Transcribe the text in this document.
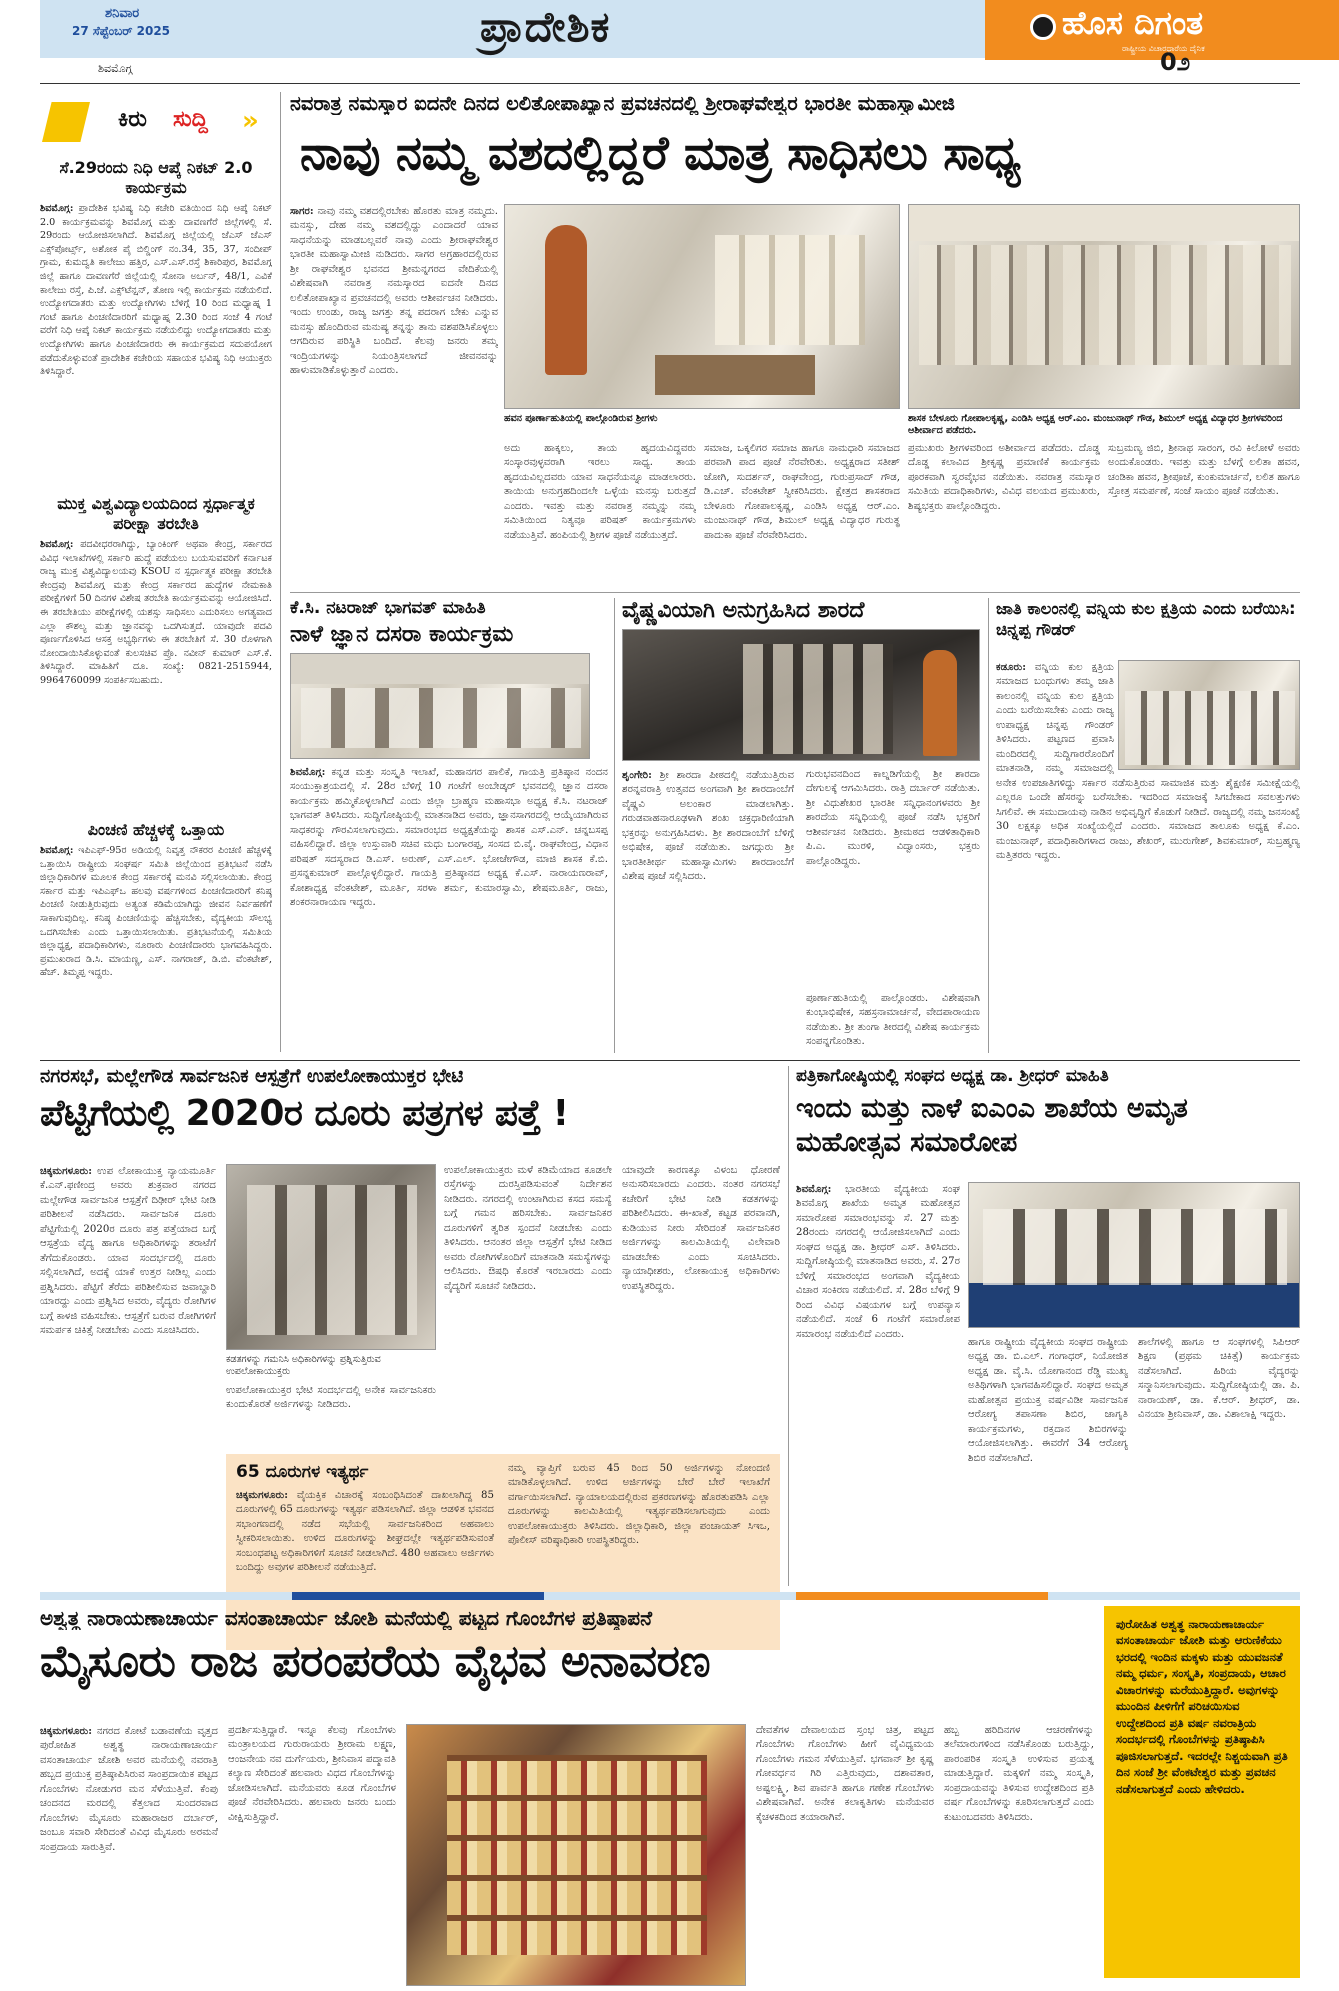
ಶನಿವಾರ
27 ಸೆಪ್ಟೆಂಬರ್ 2025
ಶಿವಮೊಗ್ಗ
ಪ್ರಾದೇಶಿಕ	ಹೊಸ ದಿಗಂತ
ರಾಷ್ಟ್ರೀಯ ವಿಚಾರಧಾರೆಯ ದೈನಿಕ
0೨
ಕಿರು ಸುದ್ದಿ »
ಸೆ.29ರಂದು ನಿಧಿ ಆಪ್ಕೆ ನಿಕಟ್ 2.0 ಕಾರ್ಯಕ್ರಮ
ಶಿವಮೊಗ್ಗ: ಪ್ರಾದೇಶಿಕ ಭವಿಷ್ಯ ನಿಧಿ ಕಚೇರಿ ವತಿಯಿಂದ ನಿಧಿ ಆಪ್ಕೆ ನಿಕಟ್ 2.0 ಕಾರ್ಯಕ್ರಮವನ್ನು ಶಿವಮೊಗ್ಗ ಮತ್ತು ದಾವಣಗೆರೆ ಜಿಲ್ಲೆಗಳಲ್ಲಿ ಸೆ. 29ರಂದು ಆಯೋಜಿಸಲಾಗಿದೆ. ಶಿವಮೊಗ್ಗ ಜಿಲ್ಲೆಯಲ್ಲಿ ಜೆಎಸ್ ಜೆಎಸ್ ಎಕ್ಸ್‌ಪೋರ್ಟ್ಸ್, ಅಶೋಕ ಪೈ ಬಿಲ್ಡಿಂಗ್ ನಂ.34, 35, 37, ಸಂದೀಪ್ ಗ್ರಾಮ, ಕುಮದ್ವತಿ ಕಾಲೇಜು ಹತ್ತಿರ, ಎಸ್.ಎಸ್.ರಸ್ತೆ ಶಿಕಾರಿಪುರ, ಶಿವಮೊಗ್ಗ ಜಿಲ್ಲೆ ಹಾಗೂ ದಾವಣಗೆರೆ ಜಿಲ್ಲೆಯಲ್ಲಿ ಸೋನಾ ಅರ್ಬನ್, 48/1, ಎವಿಕೆ ಕಾಲೇಜು ರಸ್ತೆ, ಪಿ.ಜೆ. ಎಕ್ಸ್‌ಟೆನ್ಷನ್, ತೋಣ ಇಲ್ಲಿ ಕಾರ್ಯಕ್ರಮ ನಡೆಯಲಿದೆ. ಉದ್ಯೋಗದಾತರು ಮತ್ತು ಉದ್ಯೋಗಿಗಳು ಬೆಳಿಗ್ಗೆ 10 ರಿಂದ ಮಧ್ಯಾಹ್ನ 1 ಗಂಟೆ ಹಾಗೂ ಪಿಂಚಣಿದಾರರಿಗೆ ಮಧ್ಯಾಹ್ನ 2.30 ರಿಂದ ಸಂಜೆ 4 ಗಂಟೆ ವರೆಗೆ ನಿಧಿ ಆಪ್ಕೆ ನಿಕಟ್ ಕಾರ್ಯಕ್ರಮ ನಡೆಯಲಿದ್ದು ಉದ್ಯೋಗದಾತರು ಮತ್ತು ಉದ್ಯೋಗಿಗಳು ಹಾಗೂ ಪಿಂಚಣಿದಾರರು ಈ ಕಾರ್ಯಕ್ರಮದ ಸದುಪಯೋಗ ಪಡೆದುಕೊಳ್ಳುವಂತೆ ಪ್ರಾದೇಶಿಕ ಕಚೇರಿಯ ಸಹಾಯಕ ಭವಿಷ್ಯ ನಿಧಿ ಆಯುಕ್ತರು ತಿಳಿಸಿದ್ದಾರೆ.
ಮುಕ್ತ ವಿಶ್ವವಿದ್ಯಾಲಯದಿಂದ ಸ್ಪರ್ಧಾತ್ಮಕ ಪರೀಕ್ಷಾ ತರಬೇತಿ
ಶಿವಮೊಗ್ಗ: ಪದವೀಧರರಾಗಿದ್ದು, ಬ್ಯಾಂಕಿಂಗ್ ಅಥವಾ ಕೇಂದ್ರ, ಸರ್ಕಾರದ ವಿವಿಧ ಇಲಾಖೆಗಳಲ್ಲಿ ಸರ್ಕಾರಿ ಹುದ್ದೆ ಪಡೆಯಲು ಬಯಸುವವರಿಗೆ ಕರ್ನಾಟಕ ರಾಜ್ಯ ಮುಕ್ತ ವಿಶ್ವವಿದ್ಯಾಲಯವು KSOU ನ ಸ್ಪರ್ಧಾತ್ಮಕ ಪರೀಕ್ಷಾ ತರಬೇತಿ ಕೇಂದ್ರವು ಶಿವಮೊಗ್ಗ ಮತ್ತು ಕೇಂದ್ರ ಸರ್ಕಾರದ ಹುದ್ದೆಗಳ ನೇಮಕಾತಿ ಪರೀಕ್ಷೆಗಳಿಗೆ 50 ದಿನಗಳ ವಿಶೇಷ ತರಬೇತಿ ಕಾರ್ಯಕ್ರಮವನ್ನು ಆಯೋಜಿಸಿದೆ. ಈ ತರಬೇತಿಯು ಪರೀಕ್ಷೆಗಳಲ್ಲಿ ಯಶಸ್ಸು ಸಾಧಿಸಲು ಎದುರಿಸಲು ಅಗತ್ಯವಾದ ಎಲ್ಲಾ ಕೌಶಲ್ಯ ಮತ್ತು ಜ್ಞಾನವನ್ನು ಒದಗಿಸುತ್ತದೆ. ಯಾವುದೇ ಪದವಿ ಪೂರ್ಣಗೊಳಿಸಿದ ಆಸಕ್ತ ಅಭ್ಯರ್ಥಿಗಳು ಈ ತರಬೇತಿಗೆ ಸೆ. 30 ರೊಳಗಾಗಿ ನೋಂದಾಯಿಸಿಕೊಳ್ಳುವಂತೆ ಕುಲಸಚಿವ ಪ್ರೊ. ನವೀನ್ ಕುಮಾರ್ ಎಸ್.ಕೆ. ತಿಳಿಸಿದ್ದಾರೆ. ಮಾಹಿತಿಗೆ ದೂ. ಸಂಖ್ಯೆ: 0821-2515944, 9964760099 ಸಂಪರ್ಕಿಸಬಹುದು.
ಪಿಂಚಣಿ ಹೆಚ್ಚಳಕ್ಕೆ ಒತ್ತಾಯ
ಶಿವಮೊಗ್ಗ: ಇಪಿಎಫ್-95ರ ಅಡಿಯಲ್ಲಿ ನಿವೃತ್ತ ನೌಕರರ ಪಿಂಚಣಿ ಹೆಚ್ಚಳಕ್ಕೆ ಒತ್ತಾಯಿಸಿ ರಾಷ್ಟ್ರೀಯ ಸಂಘರ್ಷ ಸಮಿತಿ ಜಿಲ್ಲೆಯಿಂದ ಪ್ರತಿಭಟನೆ ನಡೆಸಿ ಜಿಲ್ಲಾಧಿಕಾರಿಗಳ ಮೂಲಕ ಕೇಂದ್ರ ಸರ್ಕಾರಕ್ಕೆ ಮನವಿ ಸಲ್ಲಿಸಲಾಯಿತು. ಕೇಂದ್ರ ಸರ್ಕಾರ ಮತ್ತು ಇಪಿಎಫ್‌ಒ ಹಲವು ವರ್ಷಗಳಿಂದ ಪಿಂಚಣಿದಾರರಿಗೆ ಕನಿಷ್ಠ ಪಿಂಚಣಿ ನೀಡುತ್ತಿರುವುದು ಅತ್ಯಂತ ಕಡಿಮೆಯಾಗಿದ್ದು ಜೀವನ ನಿರ್ವಹಣೆಗೆ ಸಾಕಾಗುವುದಿಲ್ಲ. ಕನಿಷ್ಠ ಪಿಂಚಣಿಯನ್ನು ಹೆಚ್ಚಿಸಬೇಕು, ವೈದ್ಯಕೀಯ ಸೌಲಭ್ಯ ಒದಗಿಸಬೇಕು ಎಂದು ಒತ್ತಾಯಿಸಲಾಯಿತು. ಪ್ರತಿಭಟನೆಯಲ್ಲಿ ಸಮಿತಿಯ ಜಿಲ್ಲಾಧ್ಯಕ್ಷ, ಪದಾಧಿಕಾರಿಗಳು, ನೂರಾರು ಪಿಂಚಣಿದಾರರು ಭಾಗವಹಿಸಿದ್ದರು. ಪ್ರಮುಖರಾದ ಡಿ.ಸಿ. ಮಾಯಣ್ಣ, ಎಸ್. ನಾಗರಾಜ್, ಡಿ.ಬಿ. ವೆಂಕಟೇಶ್, ಹೆಚ್. ತಿಮ್ಮಪ್ಪ ಇದ್ದರು.
ನವರಾತ್ರ ನಮಸ್ಕಾರ ಐದನೇ ದಿನದ ಲಲಿತೋಪಾಖ್ಯಾನ ಪ್ರವಚನದಲ್ಲಿ ಶ್ರೀರಾಘವೇಶ್ವರ ಭಾರತೀ ಮಹಾಸ್ವಾಮೀಜಿ
ನಾವು ನಮ್ಮ ವಶದಲ್ಲಿದ್ದರೆ ಮಾತ್ರ ಸಾಧಿಸಲು ಸಾಧ್ಯ
ಸಾಗರ: ನಾವು ನಮ್ಮ ವಶದಲ್ಲಿರಬೇಕು ಹೊರತು ಮಾತ್ರ ನಮ್ಮದು. ಮನಸ್ಸು, ದೇಹ ನಮ್ಮ ವಶದಲ್ಲಿದ್ದು ಎಂದಾದರೆ ಯಾವ ಸಾಧನೆಯನ್ನು ಮಾಡಬಲ್ಲವರೆ ನಾವು ಎಂದು ಶ್ರೀರಾಘವೇಶ್ವರ ಭಾರತೀ ಮಹಾಸ್ವಾಮೀಜಿ ನುಡಿದರು. ಸಾಗರ ಅಗ್ರಹಾರದಲ್ಲಿರುವ ಶ್ರೀ ರಾಘವೇಶ್ವರ ಭವನದ ಶ್ರೀಮನ್ನಗರದ ವೇದಿಕೆಯಲ್ಲಿ ವಿಶೇಷವಾಗಿ ನವರಾತ್ರ ನಮಸ್ಕಾರದ ಐದನೇ ದಿನದ ಲಲಿತೋಪಾಖ್ಯಾನ ಪ್ರವಚನದಲ್ಲಿ ಅವರು ಆಶೀರ್ವಚನ ನೀಡಿದರು. ಇಂದು ಉಂಡು, ರಾಜ್ಯ ಜಗತ್ತು ತನ್ನ ಪದರಾಗ ಬೇಕು ಎನ್ನುವ ಮನಸ್ಸು ಹೊಂದಿರುವ ಮನುಷ್ಯ ತನ್ನನ್ನು ತಾನು ವಶಪಡಿಸಿಕೊಳ್ಳಲು ಆಗದಿರುವ ಪರಿಸ್ಥಿತಿ ಬಂದಿದೆ. ಕೆಲವು ಜನರು ತಮ್ಮ ಇಂದ್ರಿಯಗಳನ್ನು ನಿಯಂತ್ರಿಸಲಾಗದೆ ಜೀವನವನ್ನು ಹಾಳುಮಾಡಿಕೊಳ್ಳುತ್ತಾರೆ ಎಂದರು.
ಹವನ ಪೂರ್ಣಾಹುತಿಯಲ್ಲಿ ಪಾಲ್ಗೊಂಡಿರುವ ಶ್ರೀಗಳು	ಶಾಸಕ ಬೇಳೂರು ಗೋಪಾಲಕೃಷ್ಣ, ಎಂಡಿಸಿ ಅಧ್ಯಕ್ಷ ಆರ್.ಎಂ. ಮಂಜುನಾಥ್ ಗೌಡ, ಶಿಮುಲ್ ಅಧ್ಯಕ್ಷ ವಿದ್ಯಾಧರ ಶ್ರೀಗಳವರಿಂದ ಆಶೀರ್ವಾದ ಪಡೆದರು.
ಅದು ಹಾಕ್ಕಲು, ತಾಯ ಹೃದಯವಿದ್ದವರು ಸಂಸ್ಕಾರವುಳ್ಳವರಾಗಿ ಇರಲು ಸಾಧ್ಯ. ತಾಯ ಹೃದಯವಿಲ್ಲದವರು ಯಾವ ಸಾಧನೆಯನ್ನೂ ಮಾಡಲಾರರು. ತಾಯಿಯ ಅನುಗ್ರಹದಿಂದಲೇ ಒಳ್ಳೆಯ ಮನಸ್ಸು ಬರುತ್ತದೆ ಎಂದರು. ಇವತ್ತು ಮತ್ತು ನವರಾತ್ರ ನಮ್ಮನ್ನು ನಮ್ಮ ಸಮಿತಿಯಿಂದ ನಿತ್ಯವೂ ಪರಿಷತ್ ಕಾರ್ಯಕ್ರಮಗಳು ನಡೆಯುತ್ತಿವೆ. ಹಂಪಿಯಲ್ಲಿ ಶ್ರೀಗಳ ಪೂಜೆ ನಡೆಯುತ್ತದೆ.
ಸಮಾಜ, ಒಕ್ಕಲಿಗರ ಸಮಾಜ ಹಾಗೂ ನಾಮಧಾರಿ ಸಮಾಜದ ಪರವಾಗಿ ಪಾದ ಪೂಜೆ ನೆರವೇರಿತು. ಅಧ್ಯಕ್ಷರಾದ ಸತೀಶ್ ಜೋಗಿ, ಸುದರ್ಶನ್, ರಾಘವೇಂದ್ರ, ಗುರುಪ್ರಸಾದ್ ಗೌಡ, ಡಿ.ಎಚ್. ವೆಂಕಟೇಶ್ ಸ್ವೀಕರಿಸಿದರು. ಕ್ಷೇತ್ರದ ಶಾಸಕರಾದ ಬೇಳೂರು ಗೋಪಾಲಕೃಷ್ಣ, ಎಂಡಿಸಿ ಅಧ್ಯಕ್ಷ ಆರ್.ಎಂ. ಮಂಜುನಾಥ್ ಗೌಡ, ಶಿಮುಲ್ ಅಧ್ಯಕ್ಷ ವಿದ್ಯಾಧರ ಗುರುತ್ಥ ಪಾದುಕಾ ಪೂಜೆ ನೆರವೇರಿಸಿದರು.
ಪ್ರಮುಖರು ಶ್ರೀಗಳವರಿಂದ ಅಶೀರ್ವಾದ ಪಡೆದರು. ದೊಡ್ಡ ದೊಡ್ಡ ಕಲಾವಿದ ಶ್ರೀಕೃಷ್ಣ ಪ್ರಮಾಣಿಕೆ ಕಾರ್ಯಕ್ರಮ ಪೂರಕವಾಗಿ ಸ್ವರವೈಭವ ನಡೆಯಿತು. ನವರಾತ್ರ ನಮಸ್ಕಾರ ಸಮಿತಿಯ ಪದಾಧಿಕಾರಿಗಳು, ವಿವಿಧ ವಲಯದ ಪ್ರಮುಖರು, ಶಿಷ್ಯಭಕ್ತರು ಪಾಲ್ಗೊಂಡಿದ್ದರು.
ಸುಬ್ರಮಣ್ಯ ಜಿಬಿ, ಶ್ರೀನಾಥ ಸಾರಂಗ, ರವಿ ಕಿಲೋಳೆ ಅವರು ಅಂದುಕೊಂಡರು. ಇವತ್ತು ಮತ್ತು ಬೆಳಗ್ಗೆ ಲಲಿತಾ ಹವನ, ಚಂಡಿಕಾ ಹವನ, ಶ್ರೀಪೂಜೆ, ಕುಂಕುಮಾರ್ಚನೆ, ಲಲಿತ ಹಾಗೂ ಸ್ತೋತ್ರ ಸಮರ್ಪಣೆ, ಸಂಜೆ ಸಾಯಂ ಪೂಜೆ ನಡೆಯಿತು.
ಕೆ.ಸಿ. ನಟರಾಜ್ ಭಾಗವತ್ ಮಾಹಿತಿ
ನಾಳೆ ಜ್ಞಾನ ದಸರಾ ಕಾರ್ಯಕ್ರಮ
ಶಿವಮೊಗ್ಗ: ಕನ್ನಡ ಮತ್ತು ಸಂಸ್ಕೃತಿ ಇಲಾಖೆ, ಮಹಾನಗರ ಪಾಲಿಕೆ, ಗಾಯತ್ರಿ ಪ್ರತಿಷ್ಠಾನ ನಂದನ ಸಂಯುಕ್ತಾಶ್ರಯದಲ್ಲಿ ಸೆ. 28ರ ಬೆಳಿಗ್ಗೆ 10 ಗಂಟೆಗೆ ಅಂಬೇಡ್ಕರ್ ಭವನದಲ್ಲಿ ಜ್ಞಾನ ದಸರಾ ಕಾರ್ಯಕ್ರಮ ಹಮ್ಮಿಕೊಳ್ಳಲಾಗಿದೆ ಎಂದು ಜಿಲ್ಲಾ ಬ್ರಾಹ್ಮಣ ಮಹಾಸಭಾ ಅಧ್ಯಕ್ಷ ಕೆ.ಸಿ. ನಟರಾಜ್ ಭಾಗವತ್ ತಿಳಿಸಿದರು. ಸುದ್ದಿಗೋಷ್ಠಿಯಲ್ಲಿ ಮಾತನಾಡಿದ ಅವರು, ಜ್ಞಾನಸಾಗರದಲ್ಲಿ ಆಯ್ಕೆಯಾಗಿರುವ ಸಾಧಕರನ್ನು ಗೌರವಿಸಲಾಗುವುದು. ಸಮಾರಂಭದ ಅಧ್ಯಕ್ಷತೆಯನ್ನು ಶಾಸಕ ಎಸ್.ಎನ್. ಚನ್ನಬಸಪ್ಪ ವಹಿಸಲಿದ್ದಾರೆ. ಜಿಲ್ಲಾ ಉಸ್ತುವಾರಿ ಸಚಿವ ಮಧು ಬಂಗಾರಪ್ಪ, ಸಂಸದ ಬಿ.ವೈ. ರಾಘವೇಂದ್ರ, ವಿಧಾನ ಪರಿಷತ್ ಸದಸ್ಯರಾದ ಡಿ.ಎಸ್. ಅರುಣ್, ಎಸ್.ಎಲ್. ಭೋಜೇಗೌಡ, ಮಾಜಿ ಶಾಸಕ ಕೆ.ಬಿ. ಪ್ರಸನ್ನಕುಮಾರ್ ಪಾಲ್ಗೊಳ್ಳಲಿದ್ದಾರೆ. ಗಾಯತ್ರಿ ಪ್ರತಿಷ್ಠಾನದ ಅಧ್ಯಕ್ಷ ಕೆ.ಎಸ್. ನಾರಾಯಣರಾವ್, ಕೋಶಾಧ್ಯಕ್ಷ ವೆಂಕಟೇಶ್, ಮೂರ್ತಿ, ಸರಳಾ ಶರ್ಮ, ಕುಮಾರಸ್ವಾಮಿ, ಶೇಷಮೂರ್ತಿ, ರಾಜು, ಶಂಕರನಾರಾಯಣ ಇದ್ದರು.
ವೈಷ್ಣವಿಯಾಗಿ ಅನುಗ್ರಹಿಸಿದ ಶಾರದೆ
ಶೃಂಗೇರಿ: ಶ್ರೀ ಶಾರದಾ ಪೀಠದಲ್ಲಿ ನಡೆಯುತ್ತಿರುವ ಶರನ್ನವರಾತ್ರಿ ಉತ್ಸವದ ಅಂಗವಾಗಿ ಶ್ರೀ ಶಾರದಾಂಬೆಗೆ ವೈಷ್ಣವಿ ಅಲಂಕಾರ ಮಾಡಲಾಗಿತ್ತು. ಗರುಡವಾಹನಾರೂಢಳಾಗಿ ಶಂಖ ಚಕ್ರಧಾರಿಣಿಯಾಗಿ ಭಕ್ತರನ್ನು ಅನುಗ್ರಹಿಸಿದಳು. ಶ್ರೀ ಶಾರದಾಂಬೆಗೆ ಬೆಳಿಗ್ಗೆ ಅಭಿಷೇಕ, ಪೂಜೆ ನಡೆಯಿತು. ಜಗದ್ಗುರು ಶ್ರೀ ಭಾರತೀತೀರ್ಥ ಮಹಾಸ್ವಾಮಿಗಳು ಶಾರದಾಂಬೆಗೆ ವಿಶೇಷ ಪೂಜೆ ಸಲ್ಲಿಸಿದರು.
ಗುರುಭವನದಿಂದ ಕಾಲ್ನಡಿಗೆಯಲ್ಲಿ ಶ್ರೀ ಶಾರದಾ ದೇಗುಲಕ್ಕೆ ಆಗಮಿಸಿದರು. ರಾತ್ರಿ ದರ್ಬಾರ್ ನಡೆಯಿತು. ಶ್ರೀ ವಿಧುಶೇಖರ ಭಾರತೀ ಸನ್ನಿಧಾನಂಗಳವರು ಶ್ರೀ ಶಾರದೆಯ ಸನ್ನಿಧಿಯಲ್ಲಿ ಪೂಜೆ ನಡೆಸಿ ಭಕ್ತರಿಗೆ ಆಶೀರ್ವಚನ ನೀಡಿದರು. ಶ್ರೀಮಠದ ಆಡಳಿತಾಧಿಕಾರಿ ಪಿ.ಎ. ಮುರಳಿ, ವಿದ್ವಾಂಸರು, ಭಕ್ತರು ಪಾಲ್ಗೊಂಡಿದ್ದರು.
ಪೂರ್ಣಾಹುತಿಯಲ್ಲಿ ಪಾಲ್ಗೊಂಡರು. ವಿಶೇಷವಾಗಿ ಕುಂಭಾಭಿಷೇಕ, ಸಹಸ್ರನಾಮಾರ್ಚನೆ, ವೇದಪಾರಾಯಣ ನಡೆಯಿತು. ಶ್ರೀ ತುಂಗಾ ತೀರದಲ್ಲಿ ವಿಶೇಷ ಕಾರ್ಯಕ್ರಮ ಸಂಪನ್ನಗೊಂಡಿತು.
ಜಾತಿ ಕಾಲಂನಲ್ಲಿ ವನ್ನಿಯ ಕುಲ ಕ್ಷತ್ರಿಯ ಎಂದು ಬರೆಯಿಸಿ: ಚಿನ್ನಪ್ಪ ಗೌಡರ್
ಕಡೂರು: ವನ್ನಿಯ ಕುಲ ಕ್ಷತ್ರಿಯ ಸಮಾಜದ ಬಂಧುಗಳು ತಮ್ಮ ಜಾತಿ ಕಾಲಂನಲ್ಲಿ ವನ್ನಿಯ ಕುಲ ಕ್ಷತ್ರಿಯ ಎಂದು ಬರೆಯಿಸಬೇಕು ಎಂದು ರಾಜ್ಯ ಉಪಾಧ್ಯಕ್ಷ ಚಿನ್ನಪ್ಪ ಗೌಂಡರ್ ತಿಳಿಸಿದರು. ಪಟ್ಟಣದ ಪ್ರವಾಸಿ ಮಂದಿರದಲ್ಲಿ ಸುದ್ದಿಗಾರರೊಂದಿಗೆ ಮಾತನಾಡಿ, ನಮ್ಮ ಸಮಾಜದಲ್ಲಿ ಅನೇಕ ಉಪಜಾತಿಗಳಿದ್ದು ಸರ್ಕಾರ ನಡೆಸುತ್ತಿರುವ ಸಾಮಾಜಿಕ ಮತ್ತು ಶೈಕ್ಷಣಿಕ ಸಮೀಕ್ಷೆಯಲ್ಲಿ ಎಲ್ಲರೂ ಒಂದೇ ಹೆಸರನ್ನು ಬರೆಸಬೇಕು. ಇದರಿಂದ ಸಮಾಜಕ್ಕೆ ಸಿಗಬೇಕಾದ ಸವಲತ್ತುಗಳು ಸಿಗಲಿವೆ. ಈ ಸಮುದಾಯವು ನಾಡಿನ ಅಭಿವೃದ್ಧಿಗೆ ಕೊಡುಗೆ ನೀಡಿದೆ. ರಾಜ್ಯದಲ್ಲಿ ನಮ್ಮ ಜನಸಂಖ್ಯೆ 30 ಲಕ್ಷಕ್ಕೂ ಅಧಿಕ ಸಂಖ್ಯೆಯಲ್ಲಿದೆ ಎಂದರು. ಸಮಾಜದ ತಾಲೂಕು ಅಧ್ಯಕ್ಷ ಕೆ.ಎಂ. ಮಂಜುನಾಥ್, ಪದಾಧಿಕಾರಿಗಳಾದ ರಾಜು, ಶೇಖರ್, ಮುರುಗೇಶ್, ಶಿವಕುಮಾರ್, ಸುಬ್ರಹ್ಮಣ್ಯ ಮತ್ತಿತರರು ಇದ್ದರು.
ನಗರಸಭೆ, ಮಲ್ಲೇಗೌಡ ಸಾರ್ವಜನಿಕ ಆಸ್ಪತ್ರೆಗೆ ಉಪಲೋಕಾಯುಕ್ತರ ಭೇಟಿ
ಪೆಟ್ಟಿಗೆಯಲ್ಲಿ 2020ರ ದೂರು ಪತ್ರಗಳ ಪತ್ತೆ !
ಚಿಕ್ಕಮಗಳೂರು: ಉಪ ಲೋಕಾಯುಕ್ತ ನ್ಯಾಯಮೂರ್ತಿ ಕೆ.ಎನ್.ಫಣೀಂದ್ರ ಅವರು ಶುಕ್ರವಾರ ನಗರದ ಮಲ್ಲೇಗೌಡ ಸಾರ್ವಜನಿಕ ಆಸ್ಪತ್ರೆಗೆ ದಿಢೀರ್ ಭೇಟಿ ನೀಡಿ ಪರಿಶೀಲನೆ ನಡೆಸಿದರು. ಸಾರ್ವಜನಿಕ ದೂರು ಪೆಟ್ಟಿಗೆಯಲ್ಲಿ 2020ರ ದೂರು ಪತ್ರ ಪತ್ತೆಯಾದ ಬಗ್ಗೆ ಆಸ್ಪತ್ರೆಯ ವೈದ್ಯ ಹಾಗೂ ಅಧಿಕಾರಿಗಳನ್ನು ತರಾಟೆಗೆ ತೆಗೆದುಕೊಂಡರು. ಯಾವ ಸಂದರ್ಭದಲ್ಲಿ ದೂರು ಸಲ್ಲಿಸಲಾಗಿದೆ, ಅದಕ್ಕೆ ಯಾಕೆ ಉತ್ತರ ನೀಡಿಲ್ಲ ಎಂದು ಪ್ರಶ್ನಿಸಿದರು. ಪೆಟ್ಟಿಗೆ ತೆರೆದು ಪರಿಶೀಲಿಸುವ ಜವಾಬ್ದಾರಿ ಯಾರದ್ದು ಎಂದು ಪ್ರಶ್ನಿಸಿದ ಅವರು, ವೈದ್ಯರು ರೋಗಿಗಳ ಬಗ್ಗೆ ಕಾಳಜಿ ವಹಿಸಬೇಕು. ಆಸ್ಪತ್ರೆಗೆ ಬರುವ ರೋಗಿಗಳಿಗೆ ಸಮರ್ಪಕ ಚಿಕಿತ್ಸೆ ನೀಡಬೇಕು ಎಂದು ಸೂಚಿಸಿದರು.
ಕಡತಗಳನ್ನು ಗಮನಿಸಿ ಅಧಿಕಾರಿಗಳನ್ನು ಪ್ರಶ್ನಿಸುತ್ತಿರುವ ಉಪಲೋಕಾಯುಕ್ತರು
ಉಪಲೋಕಾಯುಕ್ತರ ಭೇಟಿ ಸಂದರ್ಭದಲ್ಲಿ ಅನೇಕ ಸಾರ್ವಜನಿಕರು ಕುಂದುಕೊರತೆ ಅರ್ಜಿಗಳನ್ನು ನೀಡಿದರು.
ಉಪಲೋಕಾಯುಕ್ತರು ಮಳೆ ಕಡಿಮೆಯಾದ ಕೂಡಲೇ ರಸ್ತೆಗಳನ್ನು ದುರಸ್ತಿಪಡಿಸುವಂತೆ ನಿರ್ದೇಶನ ನೀಡಿದರು. ನಗರದಲ್ಲಿ ಉಂಟಾಗಿರುವ ಕಸದ ಸಮಸ್ಯೆ ಬಗ್ಗೆ ಗಮನ ಹರಿಸಬೇಕು. ಸಾರ್ವಜನಿಕರ ದೂರುಗಳಿಗೆ ತ್ವರಿತ ಸ್ಪಂದನೆ ನೀಡಬೇಕು ಎಂದು ತಿಳಿಸಿದರು. ಆನಂತರ ಜಿಲ್ಲಾ ಆಸ್ಪತ್ರೆಗೆ ಭೇಟಿ ನೀಡಿದ ಅವರು ರೋಗಿಗಳೊಂದಿಗೆ ಮಾತನಾಡಿ ಸಮಸ್ಯೆಗಳನ್ನು ಆಲಿಸಿದರು. ಔಷಧಿ ಕೊರತೆ ಇರಬಾರದು ಎಂದು ವೈದ್ಯರಿಗೆ ಸೂಚನೆ ನೀಡಿದರು.
ಯಾವುದೇ ಕಾರಣಕ್ಕೂ ವಿಳಂಬ ಧೋರಣೆ ಅನುಸರಿಸಬಾರದು ಎಂದರು. ನಂತರ ನಗರಸಭೆ ಕಚೇರಿಗೆ ಭೇಟಿ ನೀಡಿ ಕಡತಗಳನ್ನು ಪರಿಶೀಲಿಸಿದರು. ಈ-ಖಾತೆ, ಕಟ್ಟಡ ಪರವಾನಗಿ, ಕುಡಿಯುವ ನೀರು ಸೇರಿದಂತೆ ಸಾರ್ವಜನಿಕರ ಅರ್ಜಿಗಳನ್ನು ಕಾಲಮಿತಿಯಲ್ಲಿ ವಿಲೇವಾರಿ ಮಾಡಬೇಕು ಎಂದು ಸೂಚಿಸಿದರು. ನ್ಯಾಯಾಧೀಶರು, ಲೋಕಾಯುಕ್ತ ಅಧಿಕಾರಿಗಳು ಉಪಸ್ಥಿತರಿದ್ದರು.
65 ದೂರುಗಳ ಇತ್ಯರ್ಥ
ಚಿಕ್ಕಮಗಳೂರು: ವೈಯಕ್ತಿಕ ವಿಚಾರಕ್ಕೆ ಸಂಬಂಧಿಸಿದಂತೆ ದಾಖಲಾಗಿದ್ದ 85 ದೂರುಗಳಲ್ಲಿ 65 ದೂರುಗಳನ್ನು ಇತ್ಯರ್ಥ ಪಡಿಸಲಾಗಿದೆ. ಜಿಲ್ಲಾ ಆಡಳಿತ ಭವನದ ಸಭಾಂಗಣದಲ್ಲಿ ನಡೆದ ಸಭೆಯಲ್ಲಿ ಸಾರ್ವಜನಿಕರಿಂದ ಅಹವಾಲು ಸ್ವೀಕರಿಸಲಾಯಿತು. ಉಳಿದ ದೂರುಗಳನ್ನು ಶೀಘ್ರದಲ್ಲೇ ಇತ್ಯರ್ಥಪಡಿಸುವಂತೆ ಸಂಬಂಧಪಟ್ಟ ಅಧಿಕಾರಿಗಳಿಗೆ ಸೂಚನೆ ನೀಡಲಾಗಿದೆ. 480 ಅಹವಾಲು ಅರ್ಜಿಗಳು ಬಂದಿದ್ದು ಅವುಗಳ ಪರಿಶೀಲನೆ ನಡೆಯುತ್ತಿದೆ.
ನಮ್ಮ ವ್ಯಾಪ್ತಿಗೆ ಬರುವ 45 ರಿಂದ 50 ಅರ್ಜಿಗಳನ್ನು ನೋಂದಣಿ ಮಾಡಿಕೊಳ್ಳಲಾಗಿದೆ. ಉಳಿದ ಅರ್ಜಿಗಳನ್ನು ಬೇರೆ ಬೇರೆ ಇಲಾಖೆಗೆ ವರ್ಗಾಯಿಸಲಾಗಿದೆ. ನ್ಯಾಯಾಲಯದಲ್ಲಿರುವ ಪ್ರಕರಣಗಳನ್ನು ಹೊರತುಪಡಿಸಿ ಎಲ್ಲಾ ದೂರುಗಳನ್ನು ಕಾಲಮಿತಿಯಲ್ಲಿ ಇತ್ಯರ್ಥಪಡಿಸಲಾಗುವುದು ಎಂದು ಉಪಲೋಕಾಯುಕ್ತರು ತಿಳಿಸಿದರು. ಜಿಲ್ಲಾಧಿಕಾರಿ, ಜಿಲ್ಲಾ ಪಂಚಾಯತ್ ಸಿಇಒ, ಪೊಲೀಸ್ ವರಿಷ್ಠಾಧಿಕಾರಿ ಉಪಸ್ಥಿತರಿದ್ದರು.
ಪತ್ರಿಕಾಗೋಷ್ಠಿಯಲ್ಲಿ ಸಂಘದ ಅಧ್ಯಕ್ಷ ಡಾ. ಶ್ರೀಧರ್ ಮಾಹಿತಿ
ಇಂದು ಮತ್ತು ನಾಳೆ ಐಎಂಎ ಶಾಖೆಯ ಅಮೃತ ಮಹೋತ್ಸವ ಸಮಾರೋಪ
ಶಿವಮೊಗ್ಗ: ಭಾರತೀಯ ವೈದ್ಯಕೀಯ ಸಂಘ ಶಿವಮೊಗ್ಗ ಶಾಖೆಯ ಅಮೃತ ಮಹೋತ್ಸವ ಸಮಾರೋಪ ಸಮಾರಂಭವನ್ನು ಸೆ. 27 ಮತ್ತು 28ರಂದು ನಗರದಲ್ಲಿ ಆಯೋಜಿಸಲಾಗಿದೆ ಎಂದು ಸಂಘದ ಅಧ್ಯಕ್ಷ ಡಾ. ಶ್ರೀಧರ್ ಎಸ್. ತಿಳಿಸಿದರು. ಸುದ್ದಿಗೋಷ್ಠಿಯಲ್ಲಿ ಮಾತನಾಡಿದ ಅವರು, ಸೆ. 27ರ ಬೆಳಿಗ್ಗೆ ಸಮಾರಂಭದ ಅಂಗವಾಗಿ ವೈದ್ಯಕೀಯ ವಿಚಾರ ಸಂಕಿರಣ ನಡೆಯಲಿದೆ. ಸೆ. 28ರ ಬೆಳಿಗ್ಗೆ 9 ರಿಂದ ವಿವಿಧ ವಿಷಯಗಳ ಬಗ್ಗೆ ಉಪನ್ಯಾಸ ನಡೆಯಲಿದೆ. ಸಂಜೆ 6 ಗಂಟೆಗೆ ಸಮಾರೋಪ ಸಮಾರಂಭ ನಡೆಯಲಿದೆ ಎಂದರು.
ಹಾಗೂ ರಾಷ್ಟ್ರೀಯ ವೈದ್ಯಕೀಯ ಸಂಘದ ರಾಷ್ಟ್ರೀಯ ಅಧ್ಯಕ್ಷ ಡಾ. ಬಿ.ಎಲ್. ಗಂಗಾಧರ್, ನಿಯೋಜಿತ ಅಧ್ಯಕ್ಷ ಡಾ. ವೈ.ಸಿ. ಯೋಗಾನಂದ ರೆಡ್ಡಿ ಮುಖ್ಯ ಅತಿಥಿಗಳಾಗಿ ಭಾಗವಹಿಸಲಿದ್ದಾರೆ. ಸಂಘದ ಅಮೃತ ಮಹೋತ್ಸವ ಪ್ರಯುಕ್ತ ವರ್ಷವಿಡೀ ಸಾರ್ವಜನಿಕ ಆರೋಗ್ಯ ತಪಾಸಣಾ ಶಿಬಿರ, ಜಾಗೃತಿ ಕಾರ್ಯಕ್ರಮಗಳು, ರಕ್ತದಾನ ಶಿಬಿರಗಳನ್ನು ಆಯೋಜಿಸಲಾಗಿತ್ತು. ಈವರೆಗೆ 34 ಆರೋಗ್ಯ ಶಿಬಿರ ನಡೆಸಲಾಗಿದೆ.
ಶಾಲೆಗಳಲ್ಲಿ ಹಾಗೂ ಆ ಸಂಘಗಳಲ್ಲಿ ಸಿಪಿಆರ್ ಶಿಕ್ಷಣ (ಪ್ರಥಮ ಚಿಕಿತ್ಸೆ) ಕಾರ್ಯಕ್ರಮ ನಡೆಸಲಾಗಿದೆ. ಹಿರಿಯ ವೈದ್ಯರನ್ನು ಸನ್ಮಾನಿಸಲಾಗುವುದು. ಸುದ್ದಿಗೋಷ್ಠಿಯಲ್ಲಿ ಡಾ. ಪಿ. ನಾರಾಯಣ್, ಡಾ. ಕೆ.ಆರ್. ಶ್ರೀಧರ್, ಡಾ. ವಿನಯಾ ಶ್ರೀನಿವಾಸ್, ಡಾ. ವಿಶಾಲಾಕ್ಷಿ ಇದ್ದರು.
ಅಶ್ವತ್ಥ ನಾರಾಯಣಾಚಾರ್ಯ ವಸಂತಾಚಾರ್ಯ ಜೋಶಿ ಮನೆಯಲ್ಲಿ ಪಟ್ಟದ ಗೊಂಬೆಗಳ ಪ್ರತಿಷ್ಠಾಪನೆ
ಮೈಸೂರು ರಾಜ ಪರಂಪರೆಯ ವೈಭವ ಅನಾವರಣ
ಚಿಕ್ಕಮಗಳೂರು: ನಗರದ ಕೋಟೆ ಬಡಾವಣೆಯ ವೃತ್ತದ ಪುರೋಹಿತ ಅಶ್ವತ್ಥ ನಾರಾಯಣಾಚಾರ್ಯ ವಸಂತಾಚಾರ್ಯ ಜೋಶಿ ಅವರ ಮನೆಯಲ್ಲಿ ನವರಾತ್ರಿ ಹಬ್ಬದ ಪ್ರಯುಕ್ತ ಪ್ರತಿಷ್ಠಾಪಿಸಿರುವ ಸಾಂಪ್ರದಾಯಿಕ ಪಟ್ಟದ ಗೊಂಬೆಗಳು ನೋಡುಗರ ಮನ ಸೆಳೆಯುತ್ತಿವೆ. ಕೆಂಪು ಚಂದನದ ಮರದಲ್ಲಿ ಕೆತ್ತಲಾದ ಸುಂದರವಾದ ಗೊಂಬೆಗಳು ಮೈಸೂರು ಮಹಾರಾಜರ ದರ್ಬಾರ್, ಜಂಬೂ ಸವಾರಿ ಸೇರಿದಂತೆ ವಿವಿಧ ಮೈಸೂರು ಅರಮನೆ ಸಂಪ್ರದಾಯ ಸಾರುತ್ತಿವೆ.
ಪ್ರದರ್ಶಿಸುತ್ತಿದ್ದಾರೆ. ಇನ್ನೂ ಕೆಲವು ಗೊಂಬೆಗಳು ಮಂತ್ರಾಲಯದ ಗುರುರಾಯರು ಶ್ರೀರಾಮ ಲಕ್ಷ್ಮಣ, ಆಂಜನೇಯ ನವ ದುರ್ಗೆಯರು, ಶ್ರೀನಿವಾಸ ಪದ್ಮಾವತಿ ಕಲ್ಯಾಣ ಸೇರಿದಂತೆ ಹಲವಾರು ವಿಧದ ಗೊಂಬೆಗಳನ್ನು ಜೋಡಿಸಲಾಗಿದೆ. ಮನೆಯವರು ಕೂಡ ಗೊಂಬೆಗಳ ಪೂಜೆ ನೆರವೇರಿಸಿದರು. ಹಲವಾರು ಜನರು ಬಂದು ವೀಕ್ಷಿಸುತ್ತಿದ್ದಾರೆ.
ದೇವತೆಗಳ ದೇವಾಲಯದ ಸ್ತಂಭ ಚಿತ್ರ, ಪಟ್ಟದ ಗೊಂಬೆಗಳು ಗೊಂಬೆಗಳು ಹೀಗೆ ವೈವಿಧ್ಯಮಯ ಗೊಂಬೆಗಳು ಗಮನ ಸೆಳೆಯುತ್ತಿವೆ. ಭಗವಾನ್ ಶ್ರೀ ಕೃಷ್ಣ ಗೋವರ್ಧನ ಗಿರಿ ಎತ್ತಿರುವುದು, ದಶಾವತಾರ, ಅಷ್ಟಲಕ್ಷ್ಮಿ, ಶಿವ ಪಾರ್ವತಿ ಹಾಗೂ ಗಣೇಶ ಗೊಂಬೆಗಳು ವಿಶೇಷವಾಗಿವೆ. ಅನೇಕ ಕಲಾಕೃತಿಗಳು ಮನೆಯವರ ಕೈಚಳಕದಿಂದ ತಯಾರಾಗಿವೆ.
ಹಬ್ಬ ಹರಿದಿನಗಳ ಆಚರಣೆಗಳನ್ನು ತಲೆಮಾರುಗಳಿಂದ ನಡೆಸಿಕೊಂಡು ಬರುತ್ತಿದ್ದು, ಪಾರಂಪರಿಕ ಸಂಸ್ಕೃತಿ ಉಳಿಸುವ ಪ್ರಯತ್ನ ಮಾಡುತ್ತಿದ್ದಾರೆ. ಮಕ್ಕಳಿಗೆ ನಮ್ಮ ಸಂಸ್ಕೃತಿ, ಸಂಪ್ರದಾಯವನ್ನು ತಿಳಿಸುವ ಉದ್ದೇಶದಿಂದ ಪ್ರತಿ ವರ್ಷ ಗೊಂಬೆಗಳನ್ನು ಕೂರಿಸಲಾಗುತ್ತದೆ ಎಂದು ಕುಟುಂಬದವರು ತಿಳಿಸಿದರು.
ಪುರೋಹಿತ ಅಶ್ವತ್ಥ ನಾರಾಯಣಾಚಾರ್ಯ ವಸಂತಾಚಾರ್ಯ ಜೋಶಿ ಮತ್ತು ಆರುಣಿಕೆಯು ಭರದಲ್ಲಿ ಇಂದಿನ ಮಕ್ಕಳು ಮತ್ತು ಯುವಜನತೆ ನಮ್ಮ ಧರ್ಮ, ಸಂಸ್ಕೃತಿ, ಸಂಪ್ರದಾಯ, ಆಚಾರ ವಿಚಾರಗಳನ್ನು ಮರೆಯುತ್ತಿದ್ದಾರೆ. ಅವುಗಳನ್ನು ಮುಂದಿನ ಪೀಳಿಗೆಗೆ ಪರಿಚಯಿಸುವ ಉದ್ದೇಶದಿಂದ ಪ್ರತಿ ವರ್ಷ ನವರಾತ್ರಿಯ ಸಂದರ್ಭದಲ್ಲಿ ಗೊಂಬೆಗಳನ್ನು ಪ್ರತಿಷ್ಠಾಪಿಸಿ ಪೂಜಿಸಲಾಗುತ್ತದೆ. ಇದರಲ್ಲೇ ನಿಶ್ಚಯವಾಗಿ ಪ್ರತಿ ದಿನ ಸಂಜೆ ಶ್ರೀ ವೆಂಕಟೇಶ್ವರ ಮತ್ತು ಪ್ರವಚನ ನಡೆಸಲಾಗುತ್ತದೆ ಎಂದು ಹೇಳಿದರು.
